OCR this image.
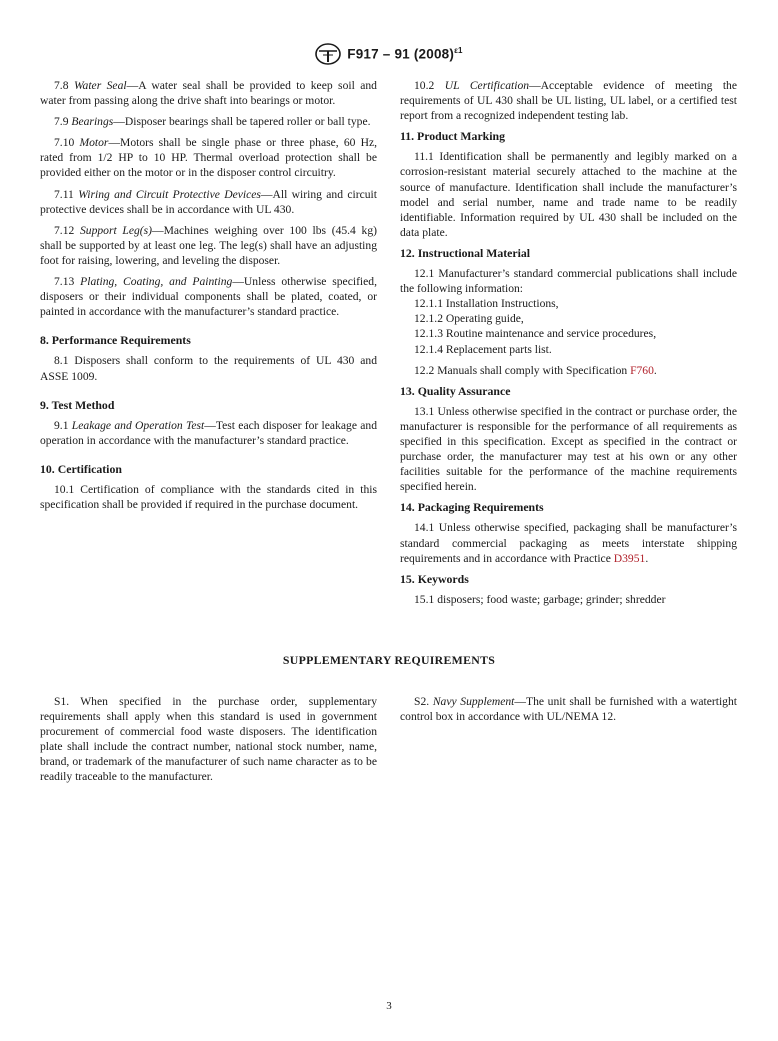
F917 – 91 $(2008)^{\varepsilon 1}$

7.8 Water Seal—A water seal shall be provided to keep soil and water from passing along the drive shaft into bearings or motor.

7.9 Bearings—Disposer bearings shall be tapered roller or ball type.

7.10 Motor—Motors shall be single phase or three phase, 60 Hz, rated from 1/2 HP to 10 HP. Thermal overload protection shall be provided either on the motor or in the disposer control circuitry.

7.11 Wiring and Circuit Protective Devices—All wiring and circuit protective devices shall be in accordance with UL 430.

7.12 Support Leg(s)—Machines weighing over 100 lbs (45.4 kg) shall be supported by at least one leg. The leg(s) shall have an adjusting foot for raising, lowering, and leveling the disposer.

7.13 Plating, Coating, and Painting—Unless otherwise specified, disposers or their individual components shall be plated, coated, or painted in accordance with the manufacturer’s standard practice.

8. Performance Requirements

8.1 Disposers shall conform to the requirements of UL 430 and ASSE 1009.

9. Test Method

9.1 Leakage and Operation Test—Test each disposer for leakage and operation in accordance with the manufacturer’s standard practice.

10. Certification

10.1 Certification of compliance with the standards cited in this specification shall be provided if required in the purchase document.

10.2 UL Certification—Acceptable evidence of meeting the requirements of UL 430 shall be UL listing, UL label, or a certified test report from a recognized independent testing lab.

11. Product Marking

11.1 Identification shall be permanently and legibly marked on a corrosion-resistant material securely attached to the machine at the source of manufacture. Identification shall include the manufacturer’s model and serial number, name and trade name to be readily identifiable. Information required by UL 430 shall be included on the data plate.

12. Instructional Material

12.1 Manufacturer’s standard commercial publications shall include the following information:

12.1.1 Installation Instructions,

12.1.2 Operating guide,

12.1.3 Routine maintenance and service procedures,

12.1.4 Replacement parts list.

12.2 Manuals shall comply with Specification F760.

13. Quality Assurance

13.1 Unless otherwise specified in the contract or purchase order, the manufacturer is responsible for the performance of all requirements as specified in this specification. Except as specified in the contract or purchase order, the manufacturer may test at his own or any other facilities suitable for the performance of the machine requirements specified herein.

14. Packaging Requirements

14.1 Unless otherwise specified, packaging shall be manufacturer’s standard commercial packaging as meets interstate shipping requirements and in accordance with Practice D3951.

15. Keywords

15.1 disposers; food waste; garbage; grinder; shredder

SUPPLEMENTARY REQUIREMENTS

S1. When specified in the purchase order, supplementary requirements shall apply when this standard is used in government procurement of commercial food waste disposers. The identification plate shall include the contract number, national stock number, name, brand, or trademark of the manufacturer of such name character as to be readily traceable to the manufacturer.

S2. Navy Supplement—The unit shall be furnished with a watertight control box in accordance with UL/NEMA 12.

3
